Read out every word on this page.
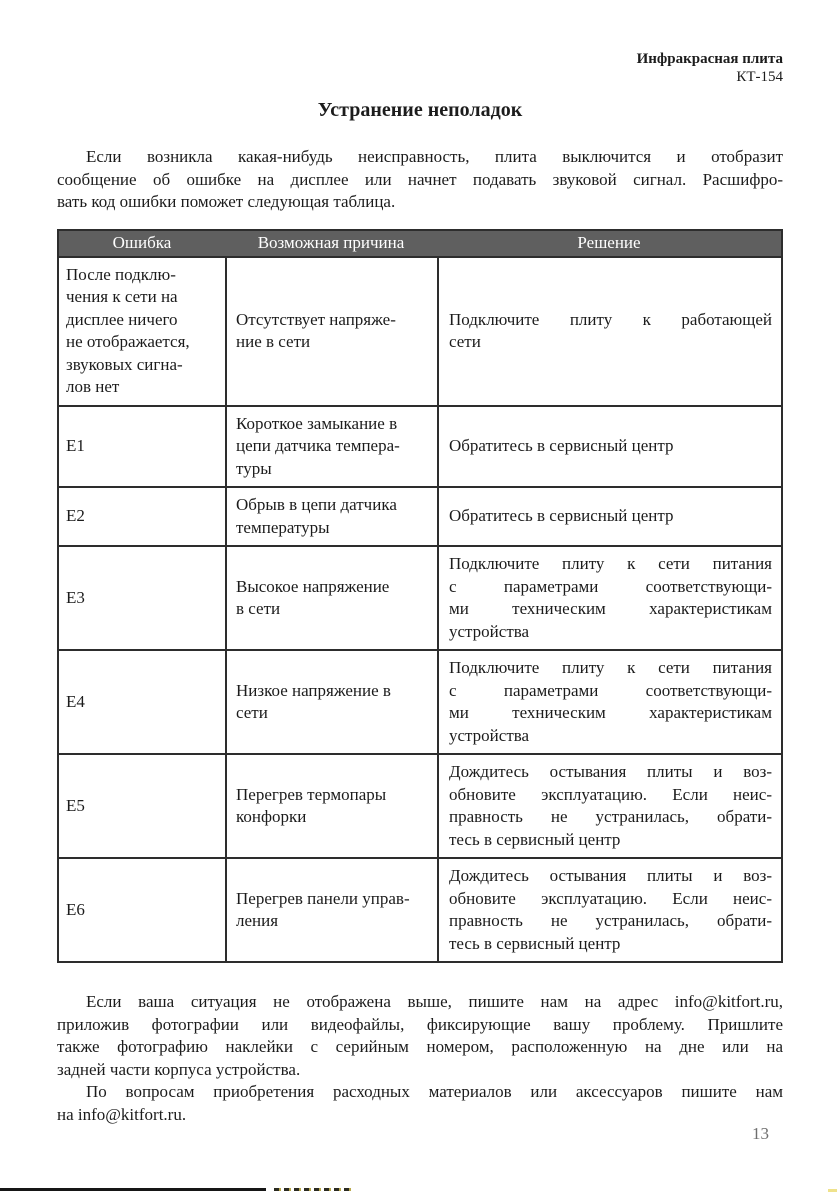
Инфракрасная плита
КТ-154
Устранение неполадок
Если возникла какая-нибудь неисправность, плита выключится и отобразит
сообщение об ошибке на дисплее или начнет подавать звуковой сигнал. Расшифро-
вать код ошибки поможет следующая таблица.
Ошибка	Возможная причина	Решение
После подклю-
чения к сети на
дисплее ничего
не отображается,
звуковых сигна-
лов нет
Отсутствует напряже-
ние в сети
Подключите плиту к работающей
сети
E1
Короткое замыкание в
цепи датчика темпера-
туры
Обратитесь в сервисный центр
E2
Обрыв в цепи датчика
температуры
Обратитесь в сервисный центр
E3
Высокое напряжение
в сети
Подключите плиту к сети питания
с параметрами соответствующи-
ми техническим характеристикам
устройства
E4
Низкое напряжение в
сети
Подключите плиту к сети питания
с параметрами соответствующи-
ми техническим характеристикам
устройства
E5
Перегрев термопары
конфорки
Дождитесь остывания плиты и воз-
обновите эксплуатацию. Если неис-
правность не устранилась, обрати-
тесь в сервисный центр
E6
Перегрев панели управ-
ления
Дождитесь остывания плиты и воз-
обновите эксплуатацию. Если неис-
правность не устранилась, обрати-
тесь в сервисный центр
Если ваша ситуация не отображена выше, пишите нам на адрес info@kitfort.ru,
приложив фотографии или видеофайлы, фиксирующие вашу проблему. Пришлите
также фотографию наклейки с серийным номером, расположенную на дне или на
задней части корпуса устройства.
По вопросам приобретения расходных материалов или аксессуаров пишите нам
на info@kitfort.ru.
13
